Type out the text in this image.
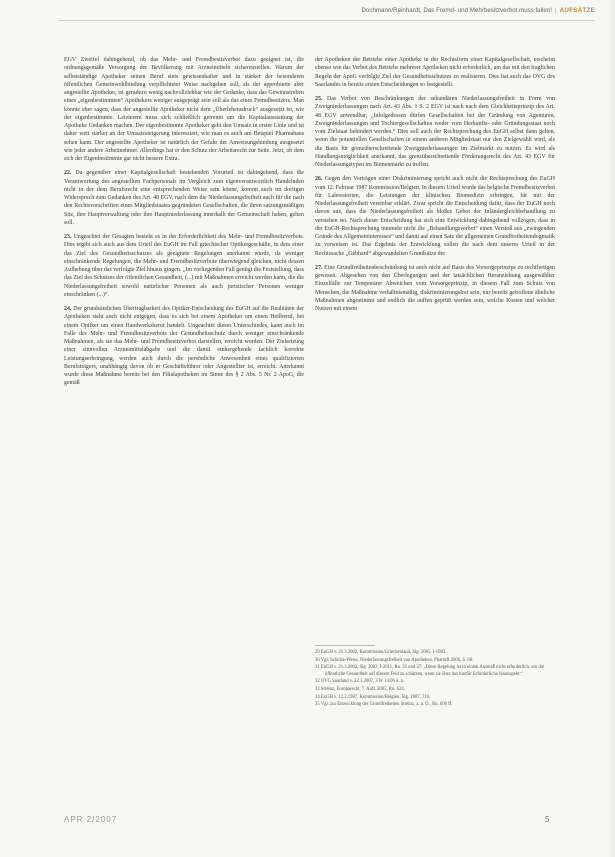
Dochmann/Reinhardt, Das Fremd- und Mehrbesitzverbot muss fallen! | AUFSÄTZE

EGV Zweifel dahingehend, ob das Mehr- und Fremdbesitzverbot dazu geeignet ist, die ordnungsgemäße Versorgung der Bevölkerung mit Arzneimitteln sicherzustellen. Warum der selbstständige Apotheker seinen Beruf stets gewissenhafter und in stärker der besonderen öffentlichen Gemeinwohlbindung verpflichteter Weise nachgehen soll, als der approbierte aber angestellte Apotheker, ist geradezu wenig nachvollziehbar wie der Gedanke, dass das Gewinnstreben eines „eigenbestimmten“ Apothekers weniger ausgeprägt sein soll als das eines Fremdbesitzers. Man könnte eher sagen, dass der angestellte Apotheker nicht dem „Überlebensdruck“ ausgesetzt ist, wie der eigenbestimmte. Letzterem muss sich schließlich getrennt um die Kapitalausstattung der Apotheke Gedanken machen. Der eigenbestimmte Apotheker geht den Umsatz in erster Linie und ist daher weit stärker an der Umsatzsteigerung interessiert, wie man es auch am Beispiel Pharmahaus sehen kann. Der angestellte Apotheker ist natürlich der Gefahr der Anweisungsbindung ausgesetzt wie jeder andere Arbeitnehmer. Allerdings hat er den Schutz der Arbeitsrecht zur Seite. Jetzt, ob dem sich der Eigenbestimmte gar nicht bessere Extra.

22. Da gegenüber einer Kapitalgesellschaft bestehenden Vorurteil ist dahingehend, dass die Verantwortung des angestellten Fachpersonals im Vergleich zum eigenverantwortlich Handelnden nicht in der dem Berufsrecht eine entsprechenden Weise sein könne, kommt auch im dortigen Widerspruch zum Gedanken des Art. 48 EGV, nach dem die Niederlassungsfreiheit auch für die nach den Rechtsvorschriften eines Mitgliedstaates gegründeten Gesellschaften, die ihren satzungsmäßigen Sitz, ihre Hauptverwaltung oder ihre Hauptniederlassung innerhalb der Gemeinschaft haben, gelten soll.

23. Ungeachtet der Gesagten besteht es in der Erforderlichkeit des Mehr- und Fremdbesitzverbots. Dies ergibt sich auch aus dem Urteil des EuGH im Fall griechischer Optikergeschäfte, in dem einer das Ziel des Gesundheitsschutzes als geeignete Regelungen anerkannt wurde, da weniger einschränkende Regelungen, die Mehr- und Fremdbesitzverbote überwiegend gleichen, nicht dessen Aufhebung über das verfolgte Ziel hinaus gingen. „Im vorliegenden Fall genügt die Feststellung, dass das Ziel des Schutzes der öffentlichen Gesundheit, (...) mit Maßnahmen erreicht werden kann, die die Niederlassungsfreiheit sowohl natürlicher Personen als auch juristischer Personen weniger einschränken (...)“.

24. Der grundsätzlichen Übertragbarkeit des Optiker-Entscheidung des EuGH auf die Realitäten der Apotheken steht auch nicht entgegen, dass es sich bei einem Apotheker um einen Heilberuf, bei einem Optiker um einen Handwerksberuf handelt. Ungeachtet dieses Unterschiedes, kann auch im Falle des Mehr- und Fremdbesitzverbots der Gesundheitsschutz durch weniger einschränkende Maßnahmen, als sie das Mehr- und Fremdbesitzverbot darstellen, erreicht werden. Der Zielsetzung einer sinnvollen Arzneimittelabgabe und die damit einhergehende fachlich korrekte Leistungserbringung, werden auch durch die persönliche Anwesenheit eines qualifizierten Berufsträgers, unabhängig davon ob er Geschäftsführer oder Angestellter ist, erreicht. Anerkannt wurde diese Maßnahme bereits bei den Filialapotheken im Sinne des § 2 Abs. 5 Nr. 2 ApoG, die gemäß

der Apotheken der Betriebe einer Apotheke in der Rechtsform einer Kapitalgesellschaft, erscheint ebenso wie das Verbot des Betriebs mehrerer Apotheken nicht erforderlich, um das mit den fraglichen Regeln der ApoG verfolgte Ziel der Gesundheitsschutzes zu realisieren. Dies hat auch das OVG des Saarlandes in bereits ersten Entscheidungen so festgestellt.

25. Das Verbot von Beschränkungen der sekundären Niederlassungsfreiheit in Form von Zweigniederlassungen nach Art. 43 Abs. 1 S. 2 EGV ist nach nach dem Gleichheitsprinzip des Art. 48 EGV anwendbar, „Infolgedessen dürfen Gesellschaften bei der Gründung von Agenturen, Zweigniederlassungen und Tochtergesellschaften weder vom Herkunfts- oder Gründungsstaat noch vom Zielstaat behindert werden.“ Dies soll auch der Rechtsprechung des EuGH selbst dann gelten, wenn die potentiellen Gesellschaften in einem anderen Mitgliedstaat nur den Zielgewählt wird, als die Basis für grenzüberschreitende Zweigniederlassungen im Zielmarkt zu nutzen. Es wird als Handlungsmöglichkeit anerkannt, das grenzüberschreitende Förderungsrecht des Art. 43 EGV für Niederlassungstypen im Binnenmarkt zu treffen.

26. Gegen den Vorträgen einer Diskriminierung spricht auch nicht die Rechtsprechung des EuGH vom 12. Februar 1987 Kommission/Belgien. In diesem Urteil wurde das belgische Fremdbesitzverbot für Laboratorien, die Leistungen der klinischen Biomedizin erbringen, für mit der Niederlassungsfreiheit vereinbar erklärt. Zwar spricht die Entscheidung dafür, dass der EuGH noch davon aus, dass die Niederlassungsfreiheit als bloßes Gebot der Inländergleichbehandlung zu verstehen sei. Nach dieser Entscheidung hat sich eine Entwicklung dahingehend vollzogen, dass in der EuGH-Rechtsprechung nunmehr nicht die „Behandlungsverbot“ einen Verstoß aus „zwingenden Gründe des Allgemeininteresses“ und damit auf einen Satz der allgemeinen Grundfreiheitendogmatik zu verweisen ist. Das Ergebnis der Entwicklung sollen die nach dem unseres Urteil in der Rechtssache „Gebhard“ abgewandelten Grundsätze der

27. Eine Grundfreiheitenbeschränkung ist auch nicht auf Basis des Vorsorgeprinzips zu rechtfertigen gewesen. Abgesehen von den Überlegungen und der tatsächlichen Heranziehung ausgewählter Einzelfälle zur Temporärer Abweichen vom Vorsorgeprinzip, in diesem Fall zum Schutz von Menschen, die Maßnahme verhältnismäßig, diskriminierungsfrei sein, nur bereits getroffene ähnliche Maßnahmen abgestimmt und endlich die auffen geprüft werden sein, welche Kosten und welcher Nutzen mit einem

29 EuGH v. 21.3.2002, Kommission/Griechenland, Slg. 2005, I-1983.
30 Vgl. Schulze-Weiss, Niederlassungsfreiheit von Apotheken, PharmR 2006, S. 68.
31 EuGH v. 21.3.2002, Slg. 2002, I-2011, Rn. 35 und 37: „Diese Regelung ist in einem Ausmaß nicht erforderlich, um die öffentliche Gesundheit auf diesem Feld zu schützen, wenn sie über das hierfür Erforderliche hinausgeht.“
32 OVG Saarland v. 22.1.2007, 3 W 14/06 u. a.
33 Streinz, Europarecht, 7. Aufl. 2005, Rn. 624.
34 EuGH v. 12.2.1987, Kommission/Belgien, Slg. 1987, 719.
35 Vgl. zur Entwicklung der Grundfreiheiten Streinz, a. a. O., Rn. 690 ff.
APR 2/2007	5
